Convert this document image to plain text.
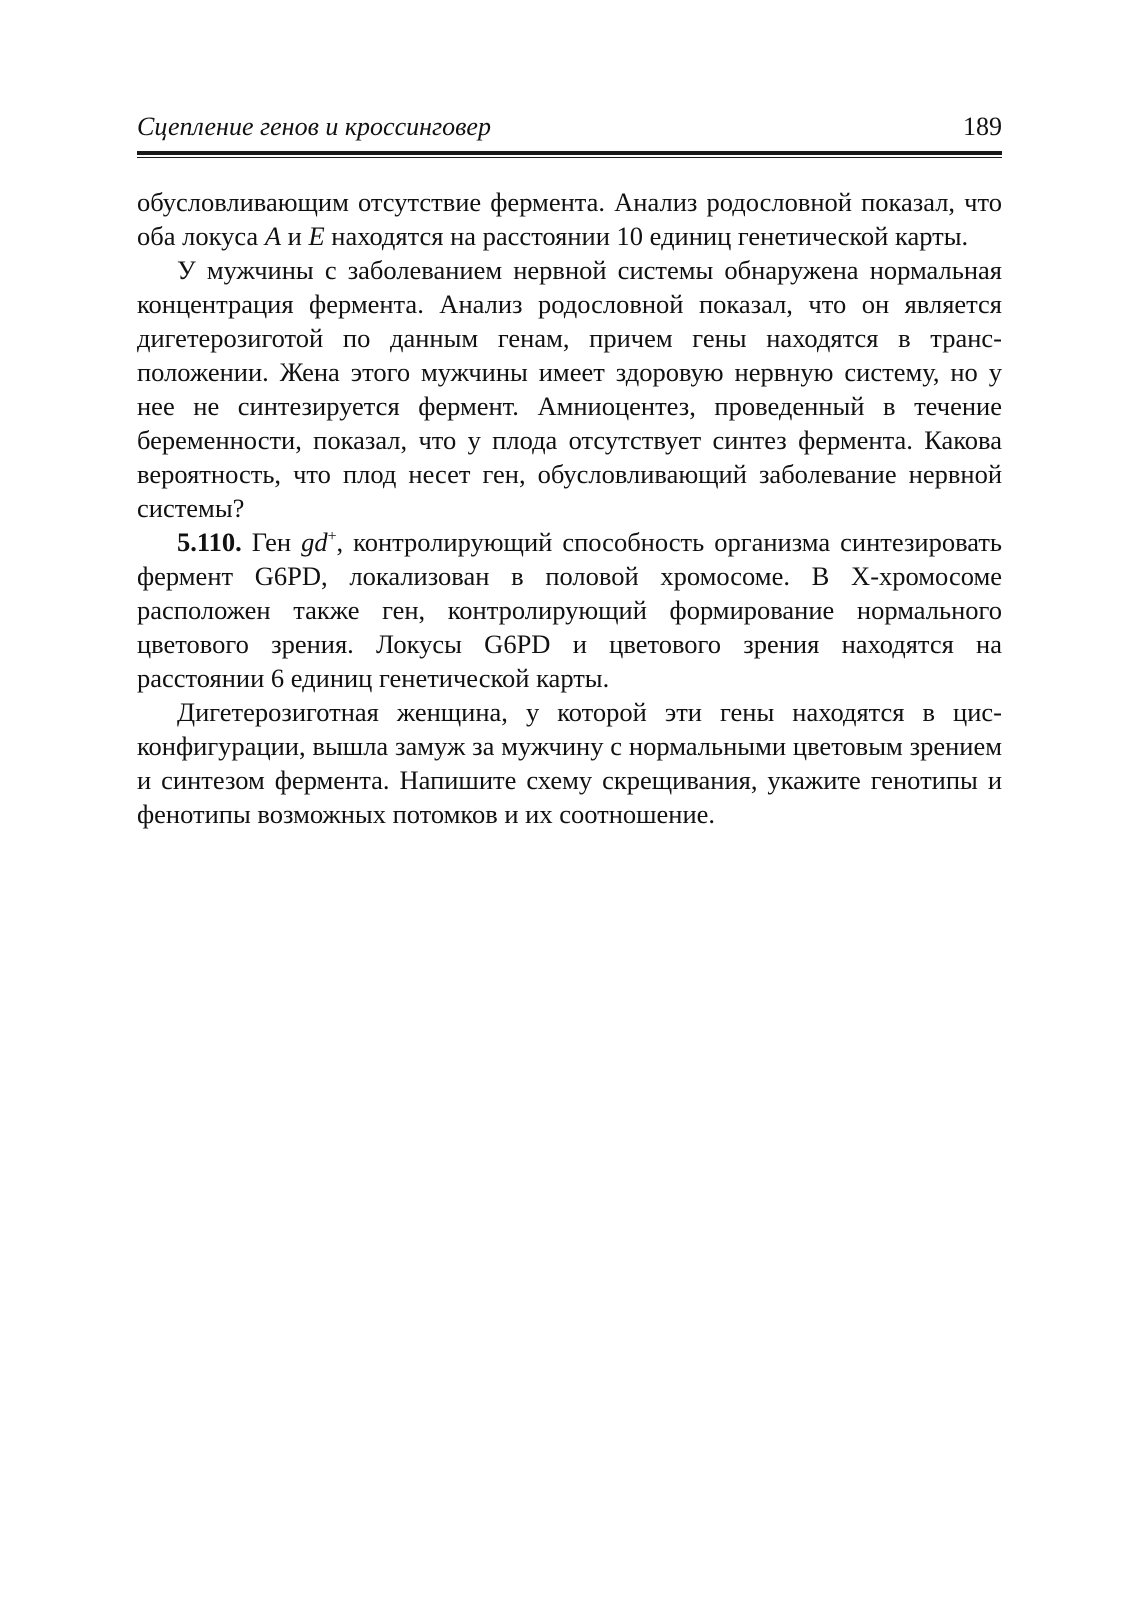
Сцепление генов и кроссинговер	189

обусловливающим отсутствие фермента. Анализ родословной показал, что оба локуса А и Е находятся на расстоянии 10 единиц генетической карты.

У мужчины с заболеванием нервной системы обнаружена нормальная концентрация фермента. Анализ родословной показал, что он является дигетерозиготой по данным генам, причем гены находятся в транс-положении. Жена этого мужчины имеет здоровую нервную систему, но у нее не синтезируется фермент. Амниоцентез, проведенный в течение беременности, показал, что у плода отсутствует синтез фермента. Какова вероятность, что плод несет ген, обусловливающий заболевание нервной системы?

5.110. Ген gd+, контролирующий способность организма синтезировать фермент G6PD, локализован в половой хромосоме. В Х-хромосоме расположен также ген, контролирующий формирование нормального цветового зрения. Локусы G6PD и цветового зрения находятся на расстоянии 6 единиц генетической карты.

Дигетерозиготная женщина, у которой эти гены находятся в цис-конфигурации, вышла замуж за мужчину с нормальными цветовым зрением и синтезом фермента. Напишите схему скрещивания, укажите генотипы и фенотипы возможных потомков и их соотношение.
